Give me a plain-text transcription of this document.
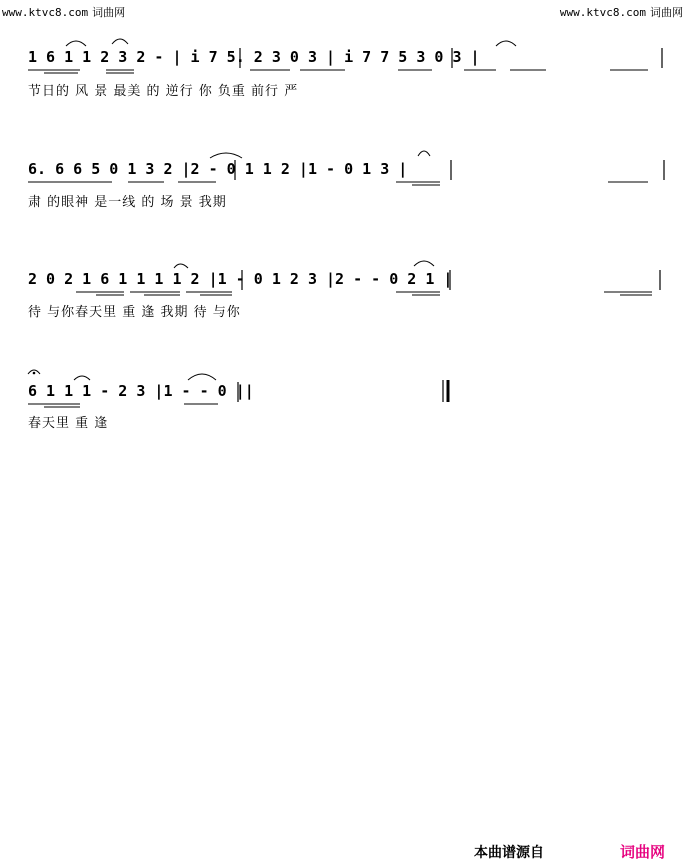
www.ktvc8.com 词曲网	www.ktvc8.com 词曲网
1 6 1 1 2 3 2 - | i 7 5. 2 3 0 3 | i 7 7 5 3 0 3 |
节日的 风 景 最美 的 逆行 你 负重 前行 严
6. 6 6 5 0 1 3 2 |2 - 0 1 1 2 |1 - 0 1 3 |
肃 的眼神 是一线 的 场 景 我期
2 0 2 1 6 1 1 1 1 2 |1 - 0 1 2 3 |2 - - 0 2 1 |
待 与你春天里 重 逢 我期 待 与你
6 1 1 1 - 2 3 |1 - - 0 ||
春天里 重 逢
本曲谱源自	词曲网
